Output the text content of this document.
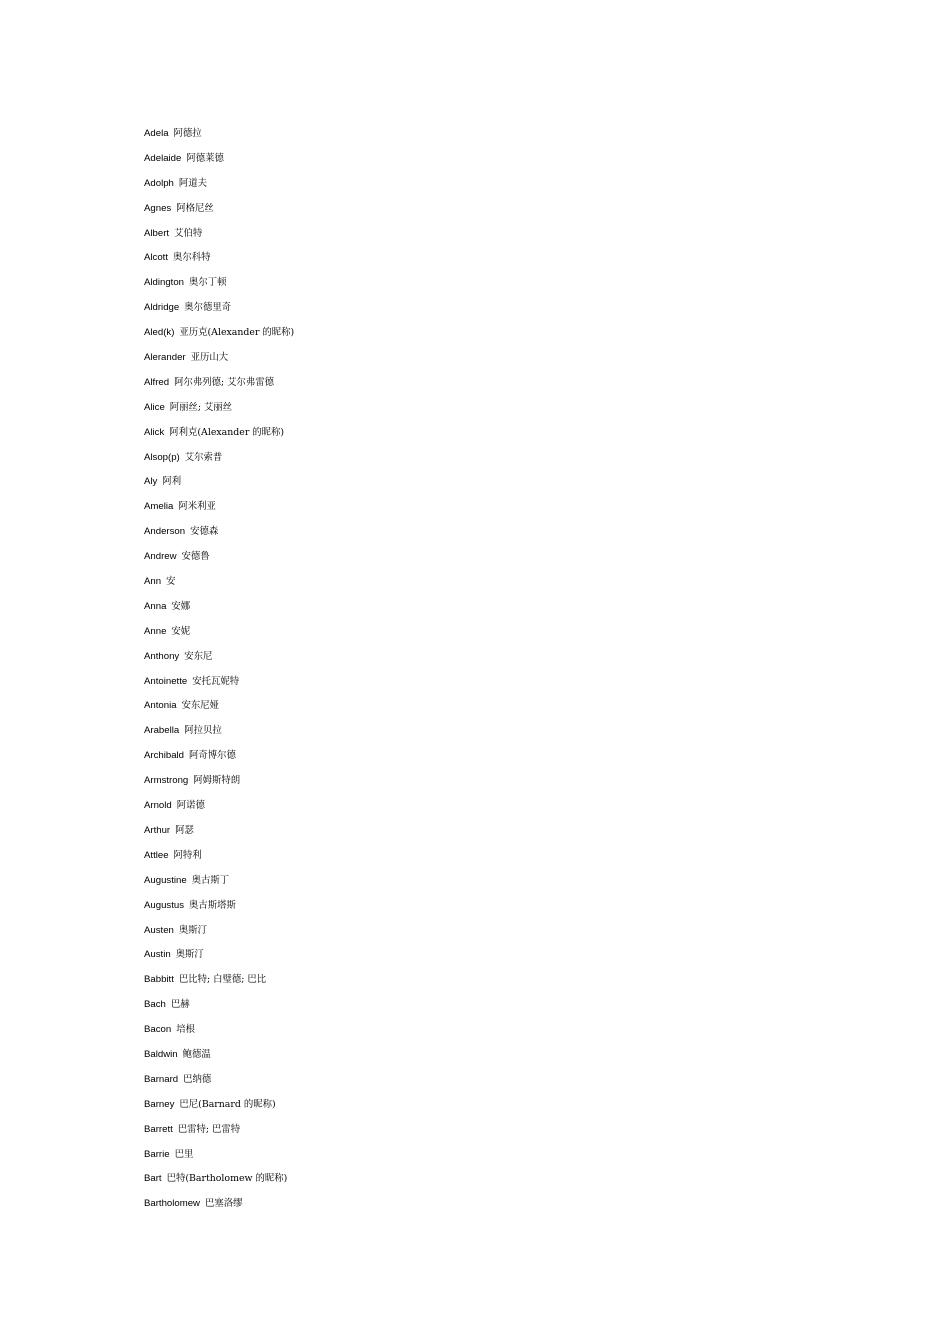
Adela 阿德拉
Adelaide 阿德莱德
Adolph 阿道夫
Agnes 阿格尼丝
Albert 艾伯特
Alcott 奥尔科特
Aldington 奥尔丁顿
Aldridge 奥尔德里奇
Aled(k) 亚历克(Alexander 的昵称)
Alerander 亚历山大
Alfred 阿尔弗列德; 艾尔弗雷德
Alice 阿丽丝; 艾丽丝
Alick 阿利克(Alexander 的昵称)
Alsop(p) 艾尔索普
Aly 阿利
Amelia 阿米利亚
Anderson 安德森
Andrew 安德鲁
Ann 安
Anna 安娜
Anne 安妮
Anthony 安东尼
Antoinette 安托瓦妮特
Antonia 安东尼娅
Arabella 阿拉贝拉
Archibald 阿奇博尔德
Armstrong 阿姆斯特朗
Arnold 阿诺德
Arthur 阿瑟
Attlee 阿特利
Augustine 奥古斯丁
Augustus 奥古斯塔斯
Austen 奥斯汀
Austin 奥斯汀
Babbitt 巴比特; 白璧德; 巴比
Bach 巴赫
Bacon 培根
Baldwin 鲍德温
Barnard 巴纳德
Barney 巴尼(Barnard 的昵称)
Barrett 巴雷特; 巴雷特
Barrie 巴里
Bart 巴特(Bartholomew 的昵称)
Bartholomew 巴塞洛缪
